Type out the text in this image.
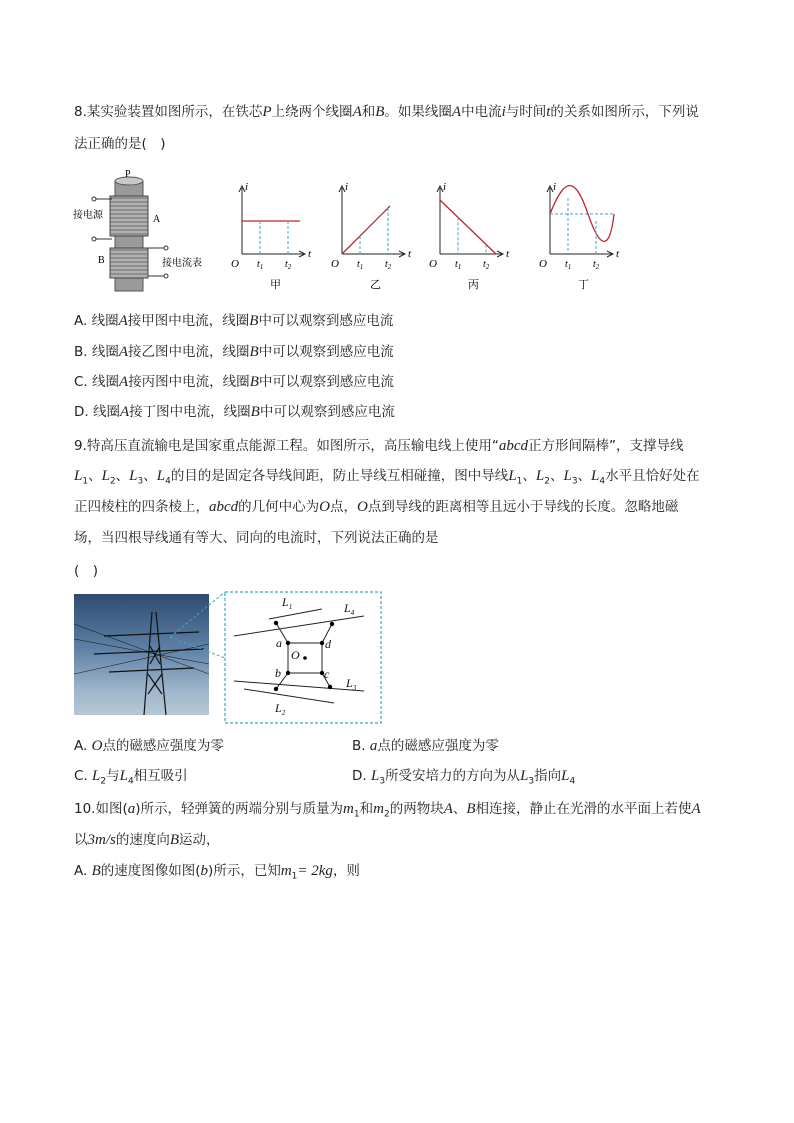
8.某实验装置如图所示，在铁芯P上绕两个线圈A和B。如果线圈A中电流i与时间t的关系如图所示，下列说
法正确的是(　)
P
接电源	A
B	接电流表
i
t
O $t_1$ $t_2$
甲
i
t
O $t_1$ $t_2$
乙
i
t
O $t_1$ $t_2$
丙
i
t
O $t_1$ $t_2$
丁
A. 线圈A接甲图中电流，线圈B中可以观察到感应电流
B. 线圈A接乙图中电流，线圈B中可以观察到感应电流
C. 线圈A接丙图中电流，线圈B中可以观察到感应电流
D. 线圈A接丁图中电流，线圈B中可以观察到感应电流
9.特高压直流输电是国家重点能源工程。如图所示，高压输电线上使用“abcd正方形间隔棒”，支撑导线
$L_1$、$L_2$、$L_3$、$L_4$的目的是固定各导线间距，防止导线互相碰撞，图中导线$L_1$、$L_2$、$L_3$、$L_4$水平且恰好处在
正四棱柱的四条棱上，abcd的几何中心为O点，O点到导线的距离相等且远小于导线的长度。忽略地磁
场，当四根导线通有等大、同向的电流时，下列说法正确的是
(　)
a	d
b	c
O
$L_1$	$L_4$
$L_3$
$L_2$
A. O点的磁感应强度为零	B. a点的磁感应强度为零
C. $L_2$与$L_4$相互吸引	D. $L_3$所受安培力的方向为从$L_3$指向$L_4$
10.如图(a)所示，轻弹簧的两端分别与质量为$m_1$和$m_2$的两物块A、B相连接，静止在光滑的水平面上若使A
以3m/s的速度向B运动，
A. B的速度图像如图(b)所示，已知$m_1= 2kg$，则
